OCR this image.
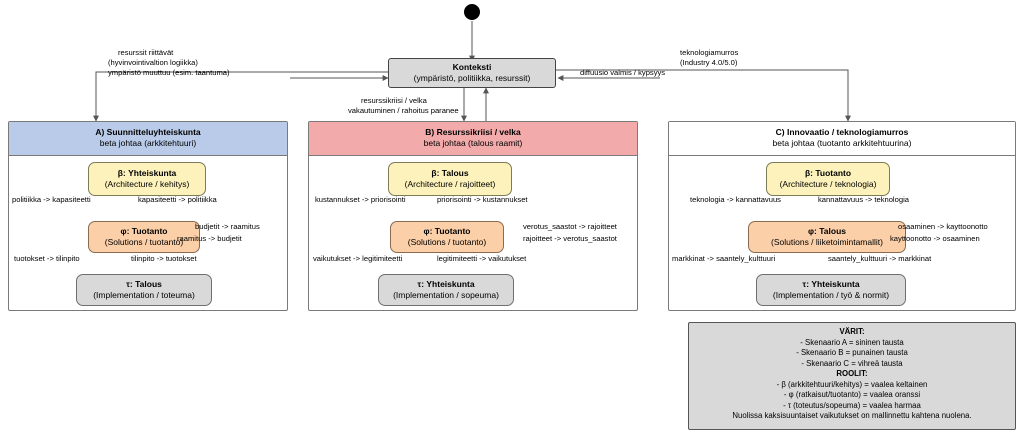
Konteksti
(ympäristö, politiikka, resurssit)
resurssit riittävät
(hyvinvointivaltion logiikka)
ympäristö muuttuu (esim. taantuma)
teknologiamurros
(Industry 4.0/5.0)
diffuusio valmis / kypsyys
resurssikriisi / velka
vakautuminen / rahoitus paranee
A) Suunnitteluyhteiskunta
beta johtaa (arkkitehtuuri)
β: Yhteiskunta
(Architecture / kehitys)
φ: Tuotanto
(Solutions / tuotanto)
τ: Talous
(Implementation / toteuma)
politiikka -> kapasiteetti	kapasiteetti -> politiikka
budjetit -> raamitus
raamitus -> budjetit
tuotokset -> tilinpito	tilinpito -> tuotokset
B) Resurssikriisi / velka
beta johtaa (talous raamit)
β: Talous
(Architecture / rajoitteet)
φ: Tuotanto
(Solutions / tuotanto)
τ: Yhteiskunta
(Implementation / sopeuma)
kustannukset -> priorisointi	priorisointi -> kustannukset
verotus_saastot -> rajoitteet
rajoitteet -> verotus_saastot
vaikutukset -> legitimiteetti	legitimiteetti -> vaikutukset
C) Innovaatio / teknologiamurros
beta johtaa (tuotanto arkkitehtuurina)
β: Tuotanto
(Architecture / teknologia)
φ: Talous
(Solutions / liiketoimintamallit)
τ: Yhteiskunta
(Implementation / työ & normit)
teknologia -> kannattavuus	kannattavuus -> teknologia
osaaminen -> kayttoonotto
kayttoonotto -> osaaminen
markkinat -> saantely_kulttuuri	saantely_kulttuuri -> markkinat
VÄRIT:
- Skenaario A = sininen tausta
- Skenaario B = punainen tausta
- Skenaario C = vihreä tausta
ROOLIT:
- β (arkkitehtuuri/kehitys) = vaalea keltainen
- φ (ratkaisut/tuotanto) = vaalea oranssi
- τ (toteutus/sopeuma) = vaalea harmaa
Nuolissa kaksisuuntaiset vaikutukset on mallinnettu kahtena nuolena.
